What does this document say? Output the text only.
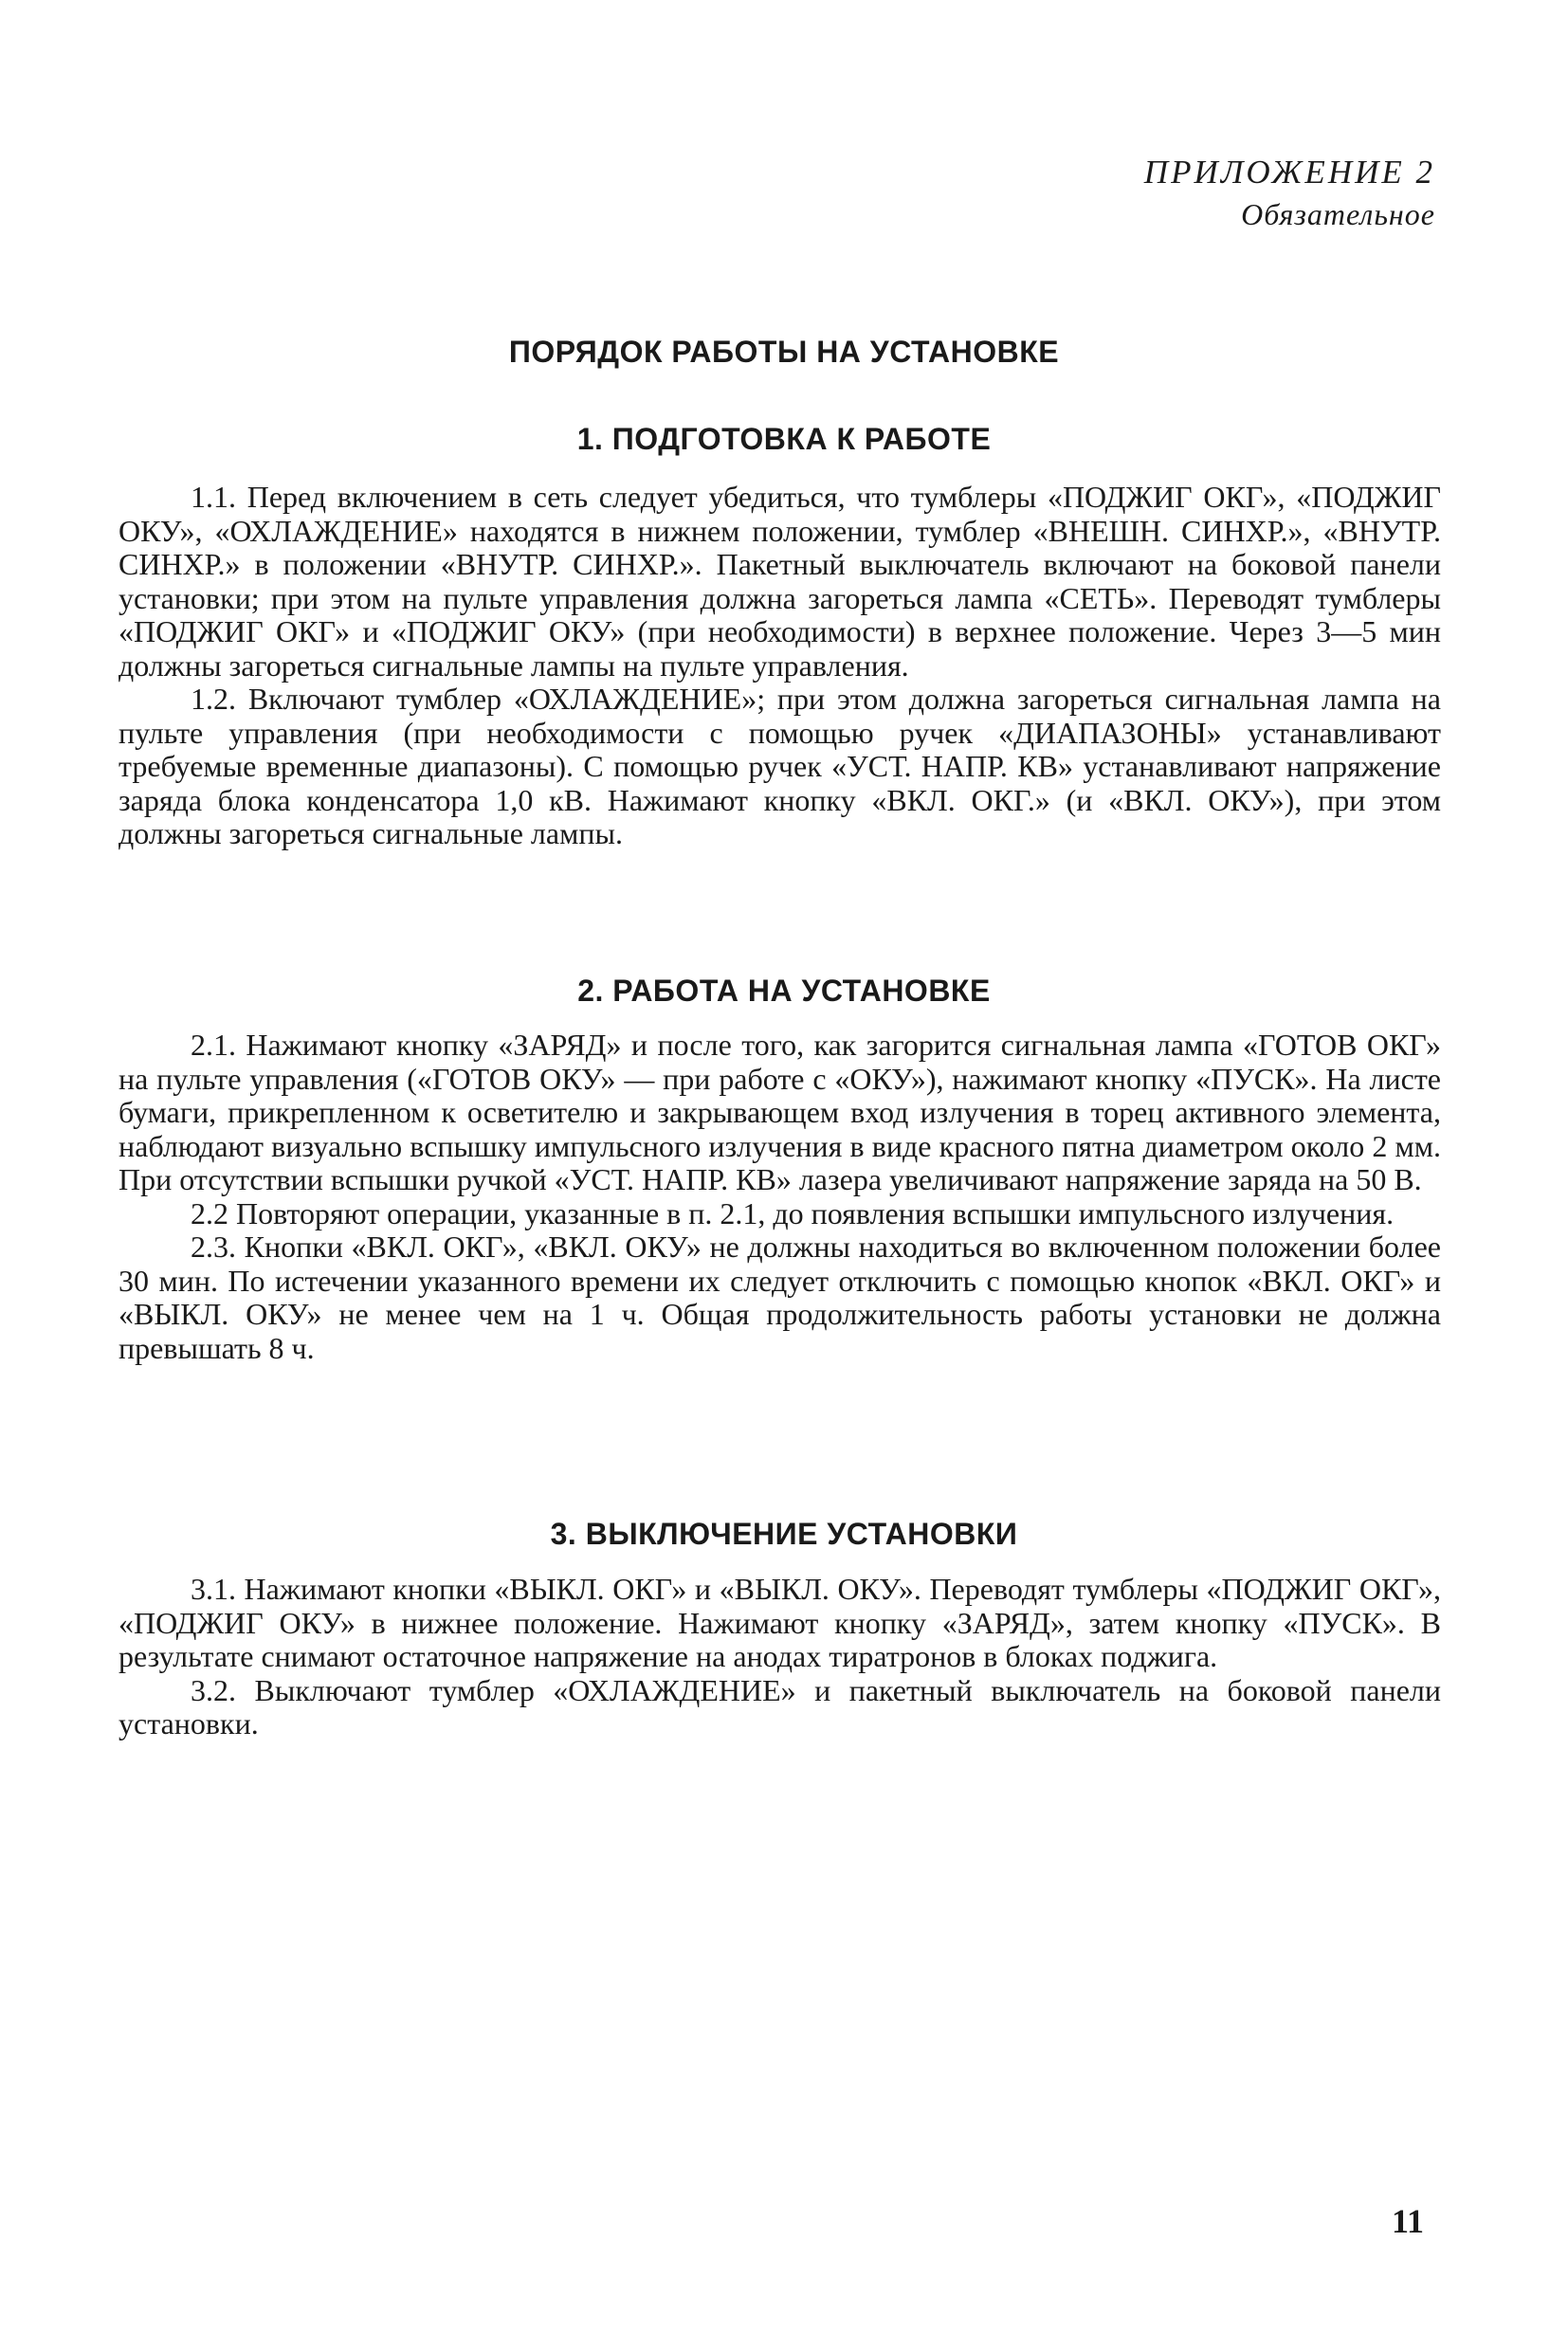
ПРИЛОЖЕНИЕ 2
Обязательное
ПОРЯДОК РАБОТЫ НА УСТАНОВКЕ
1. ПОДГОТОВКА К РАБОТЕ

1.1. Перед включением в сеть следует убедиться, что тумблеры «ПОДЖИГ ОКГ», «ПОДЖИГ ОКУ», «ОХЛАЖДЕНИЕ» находятся в нижнем положении, тумблер «ВНЕШН. СИНХР.», «ВНУТР. СИНХР.» в положении «ВНУТР. СИНХР.». Пакетный выключатель включают на боковой панели установки; при этом на пульте управления должна загореться лампа «СЕТЬ». Переводят тумблеры «ПОДЖИГ ОКГ» и «ПОДЖИГ ОКУ» (при необходимости) в верхнее положение. Через 3—5 мин должны загореться сигнальные лампы на пульте управления.

1.2. Включают тумблер «ОХЛАЖДЕНИЕ»; при этом должна загореться сигнальная лампа на пульте управления (при необходимости с помощью ручек «ДИАПАЗОНЫ» устанавливают требуемые временные диапазоны). С помощью ручек «УСТ. НАПР. КВ» устанавливают напряжение заряда блока конденсатора 1,0 кВ. Нажимают кнопку «ВКЛ. ОКГ.» (и «ВКЛ. ОКУ»), при этом должны загореться сигнальные лампы.

2. РАБОТА НА УСТАНОВКЕ

2.1. Нажимают кнопку «ЗАРЯД» и после того, как загорится сигнальная лампа «ГОТОВ ОКГ» на пульте управления («ГОТОВ ОКУ» — при работе с «ОКУ»), нажимают кнопку «ПУСК». На листе бумаги, прикрепленном к осветителю и закрывающем вход излучения в торец активного элемента, наблюдают визуально вспышку импульсного излучения в виде красного пятна диаметром около 2 мм. При отсутствии вспышки ручкой «УСТ. НАПР. КВ» лазера увеличивают напряжение заряда на 50 В.

2.2 Повторяют операции, указанные в п. 2.1, до появления вспышки импульсного излучения.

2.3. Кнопки «ВКЛ. ОКГ», «ВКЛ. ОКУ» не должны находиться во включенном положении более 30 мин. По истечении указанного времени их следует отключить с помощью кнопок «ВКЛ. ОКГ» и «ВЫКЛ. ОКУ» не менее чем на 1 ч. Общая продолжительность работы установки не должна превышать 8 ч.

3. ВЫКЛЮЧЕНИЕ УСТАНОВКИ

3.1. Нажимают кнопки «ВЫКЛ. ОКГ» и «ВЫКЛ. ОКУ». Переводят тумблеры «ПОДЖИГ ОКГ», «ПОДЖИГ ОКУ» в нижнее положение. Нажимают кнопку «ЗАРЯД», затем кнопку «ПУСК». В результате снимают остаточное напряжение на анодах тиратронов в блоках поджига.

3.2. Выключают тумблер «ОХЛАЖДЕНИЕ» и пакетный выключатель на боковой панели установки.

11
